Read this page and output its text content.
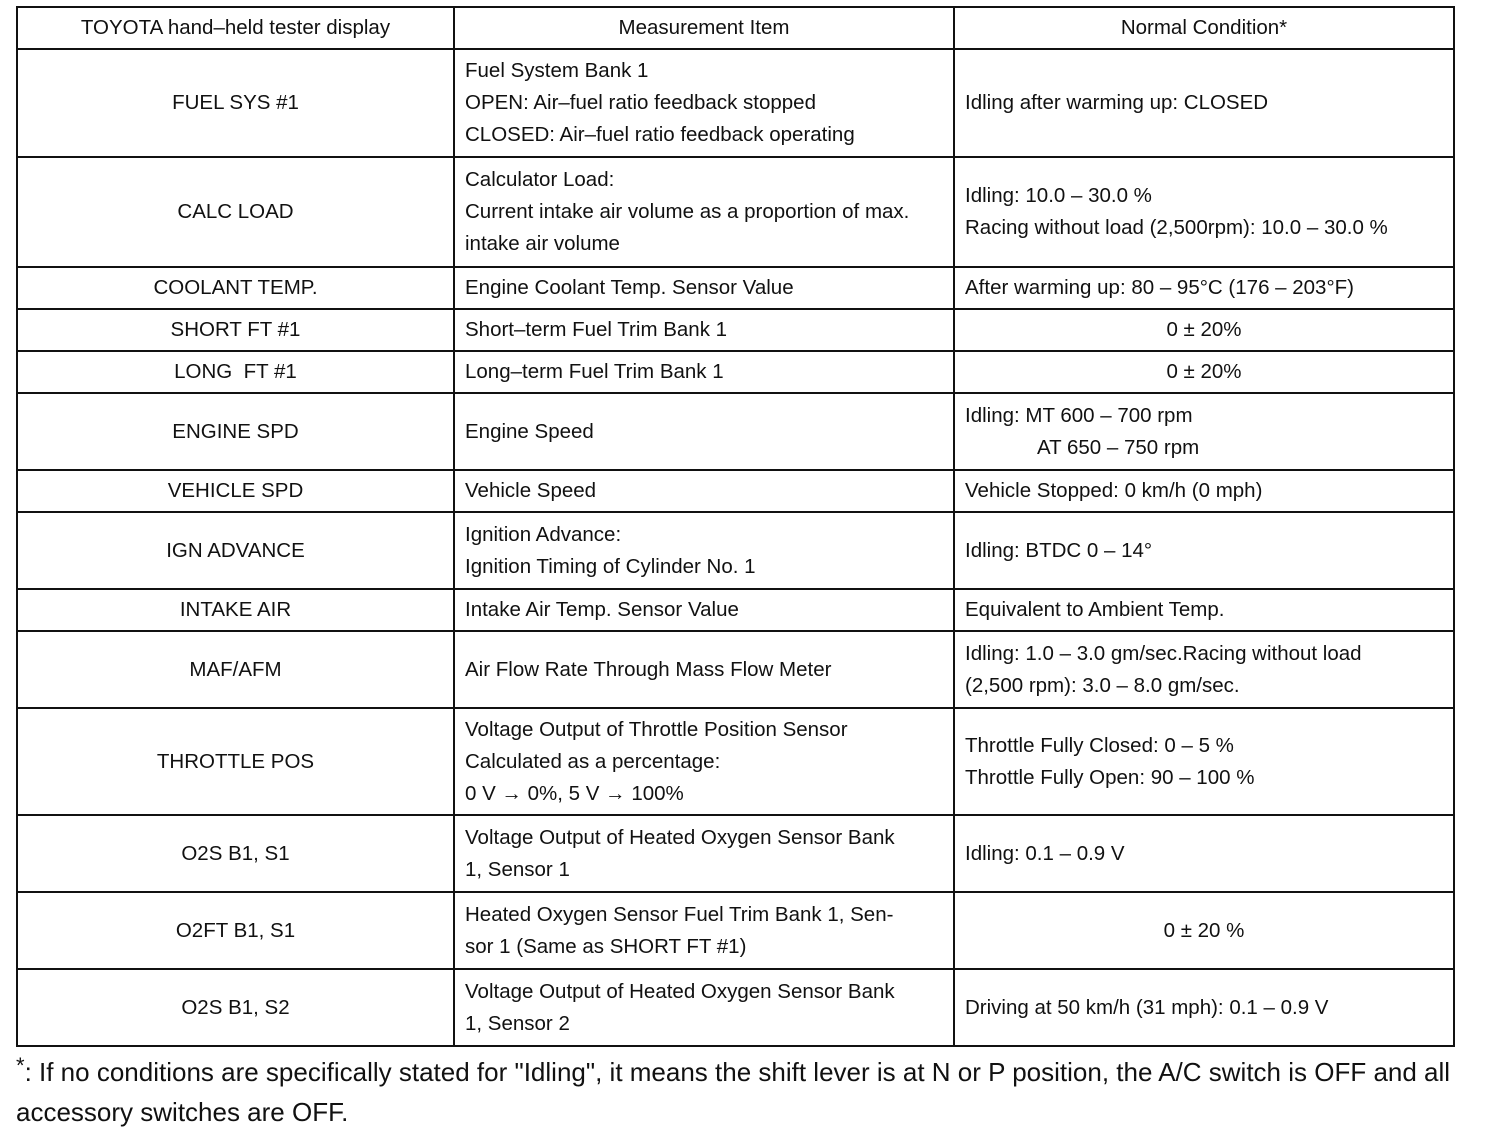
TOYOTA hand–held tester display	Measurement Item	Normal Condition*
FUEL SYS #1	Fuel System Bank 1
OPEN: Air–fuel ratio feedback stopped
CLOSED: Air–fuel ratio feedback operating	Idling after warming up: CLOSED

CALC LOAD	Calculator Load:
Current intake air volume as a proportion of max.
intake air volume	Idling: 10.0 – 30.0 %
Racing without load (2,500rpm): 10.0 – 30.0 %

COOLANT TEMP.	Engine Coolant Temp. Sensor Value	After warming up: 80 – 95°C (176 – 203°F)

SHORT FT #1	Short–term Fuel Trim Bank 1	0 ± 20%

LONG  FT #1	Long–term Fuel Trim Bank 1	0 ± 20%

ENGINE SPD	Engine Speed	Idling: MT 600 – 700 rpm
AT 650 – 750 rpm

VEHICLE SPD	Vehicle Speed	Vehicle Stopped: 0 km/h (0 mph)

IGN ADVANCE	Ignition Advance:
Ignition Timing of Cylinder No. 1	Idling: BTDC 0 – 14°

INTAKE AIR	Intake Air Temp. Sensor Value	Equivalent to Ambient Temp.

MAF/AFM	Air Flow Rate Through Mass Flow Meter	Idling: 1.0 – 3.0 gm/sec.Racing without load
(2,500 rpm): 3.0 – 8.0 gm/sec.

THROTTLE POS	Voltage Output of Throttle Position Sensor
Calculated as a percentage:
0 V → 0%, 5 V → 100%	Throttle Fully Closed: 0 – 5 %
Throttle Fully Open: 90 – 100 %

O2S B1, S1	Voltage Output of Heated Oxygen Sensor Bank
1, Sensor 1	Idling: 0.1 – 0.9 V

O2FT B1, S1	Heated Oxygen Sensor Fuel Trim Bank 1, Sen-
sor 1 (Same as SHORT FT #1)	0 ± 20 %

O2S B1, S2	Voltage Output of Heated Oxygen Sensor Bank
1, Sensor 2	Driving at 50 km/h (31 mph): 0.1 – 0.9 V
*: If no conditions are specifically stated for "Idling", it means the shift lever is at N or P position, the A/C switch is OFF and all accessory switches are OFF.
